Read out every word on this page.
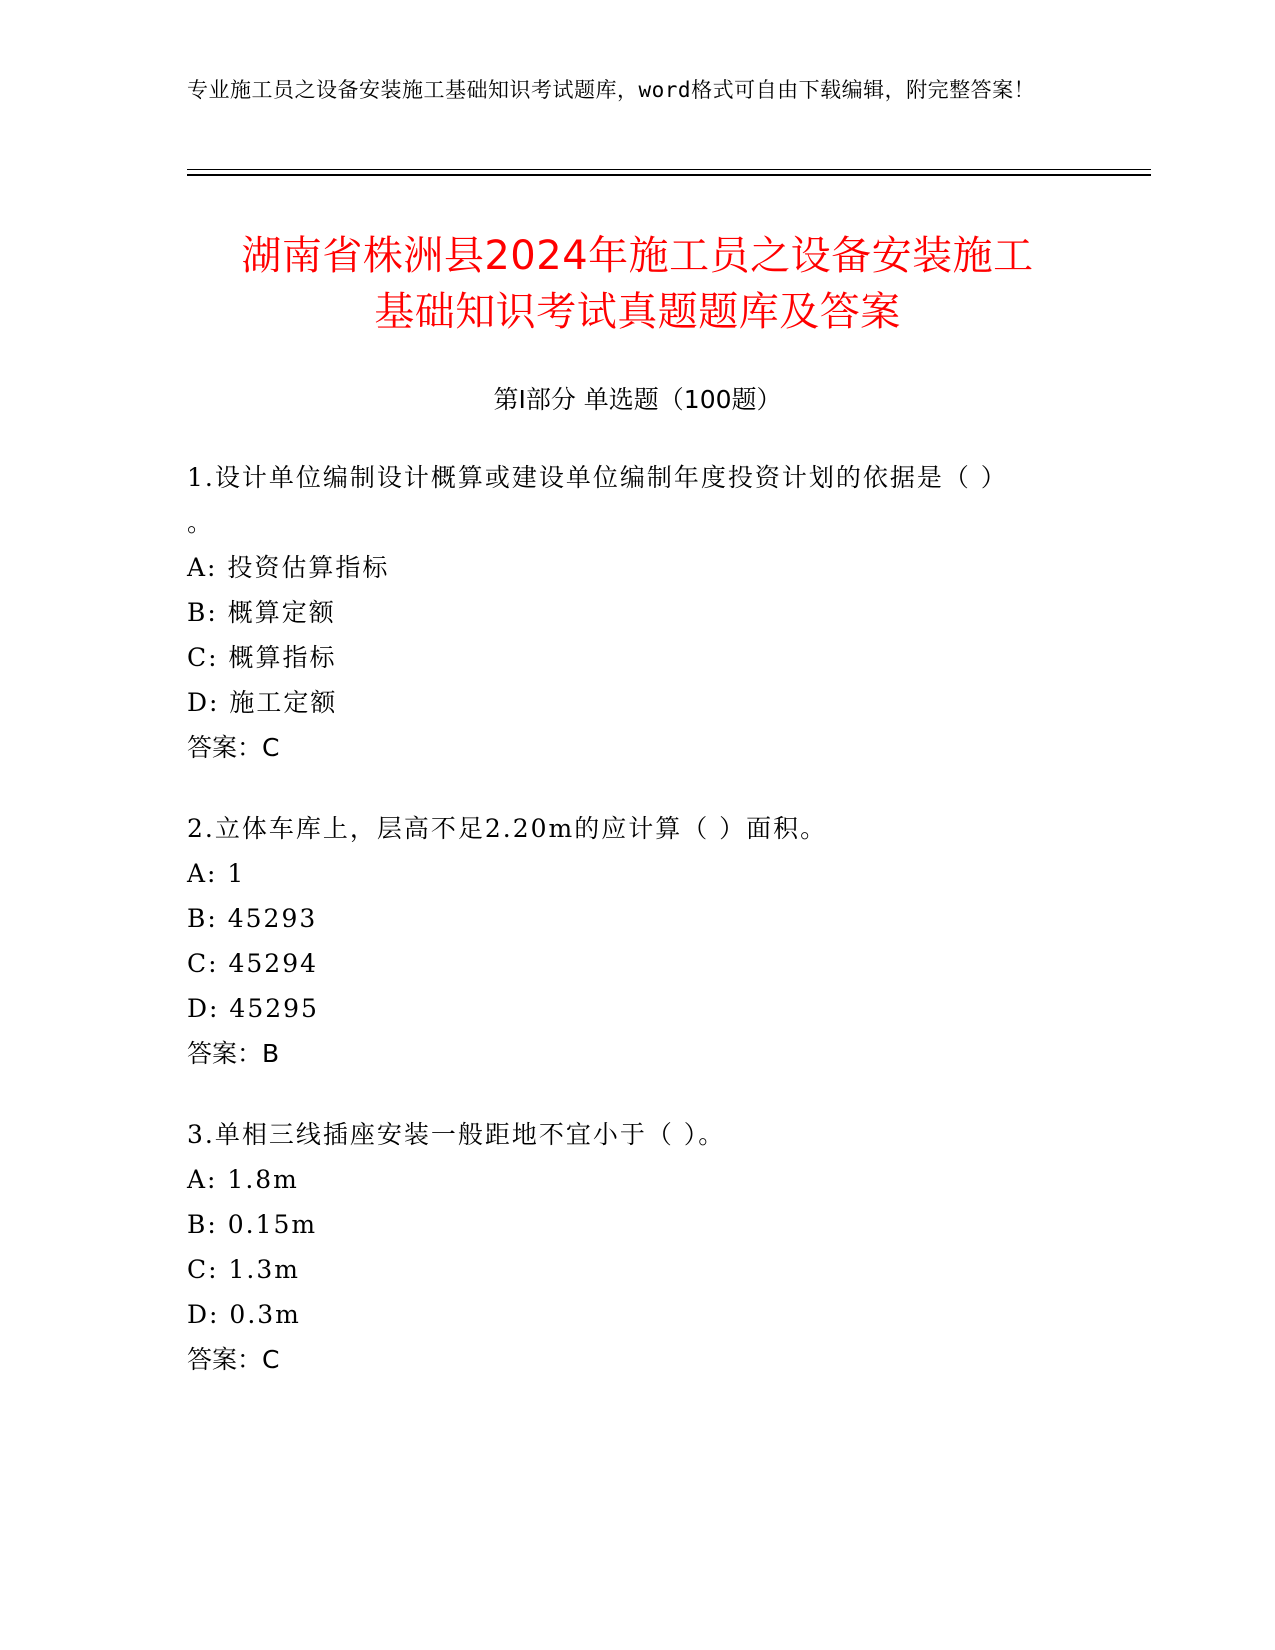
专业施工员之设备安装施工基础知识考试题库，word格式可自由下载编辑，附完整答案！
湖南省株洲县2024年施工员之设备安装施工
基础知识考试真题题库及答案
第Ⅰ部分 单选题（100题）
1.设计单位编制设计概算或建设单位编制年度投资计划的依据是（ ）
。
A: 投资估算指标
B: 概算定额
C: 概算指标
D: 施工定额
答案：C
2.立体车库上，层高不足2.20m的应计算（ ）面积。
A: 1
B: 45293
C: 45294
D: 45295
答案：B
3.单相三线插座安装一般距地不宜小于（ ）。
A: 1.8m
B: 0.15m
C: 1.3m
D: 0.3m
答案：C
